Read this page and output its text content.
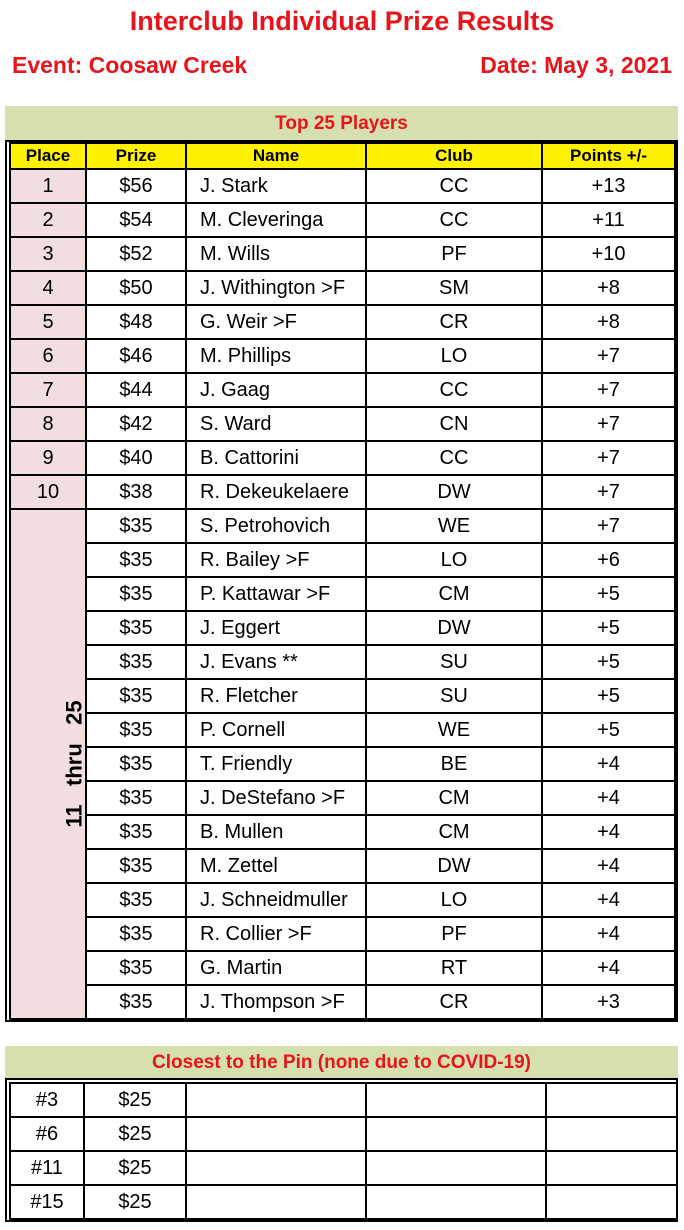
Interclub Individual Prize Results
Event: Coosaw Creek	Date: May 3, 2021
Top 25 Players
Place	Prize	Name	Club	Points +/-
1	$56	J. Stark	CC	+13
2	$54	M. Cleveringa	CC	+11
3	$52	M. Wills	PF	+10
4	$50	J. Withington >F	SM	+8
5	$48	G. Weir >F	CR	+8
6	$46	M. Phillips	LO	+7
7	$44	J. Gaag	CC	+7
8	$42	S. Ward	CN	+7
9	$40	B. Cattorini	CC	+7
10	$38	R. Dekeukelaere	DW	+7
11   thru   25	$35	S. Petrohovich	WE	+7
	$35	R. Bailey >F	LO	+6
	$35	P. Kattawar >F	CM	+5
	$35	J. Eggert	DW	+5
	$35	J. Evans **	SU	+5
	$35	R. Fletcher	SU	+5
	$35	P. Cornell	WE	+5
	$35	T. Friendly	BE	+4
	$35	J. DeStefano >F	CM	+4
	$35	B. Mullen	CM	+4
	$35	M. Zettel	DW	+4
	$35	J. Schneidmuller	LO	+4
	$35	R. Collier >F	PF	+4
	$35	G. Martin	RT	+4
	$35	J. Thompson >F	CR	+3
Closest to the Pin (none due to COVID-19)
#3	$25			
#6	$25			
#11	$25			
#15	$25			
